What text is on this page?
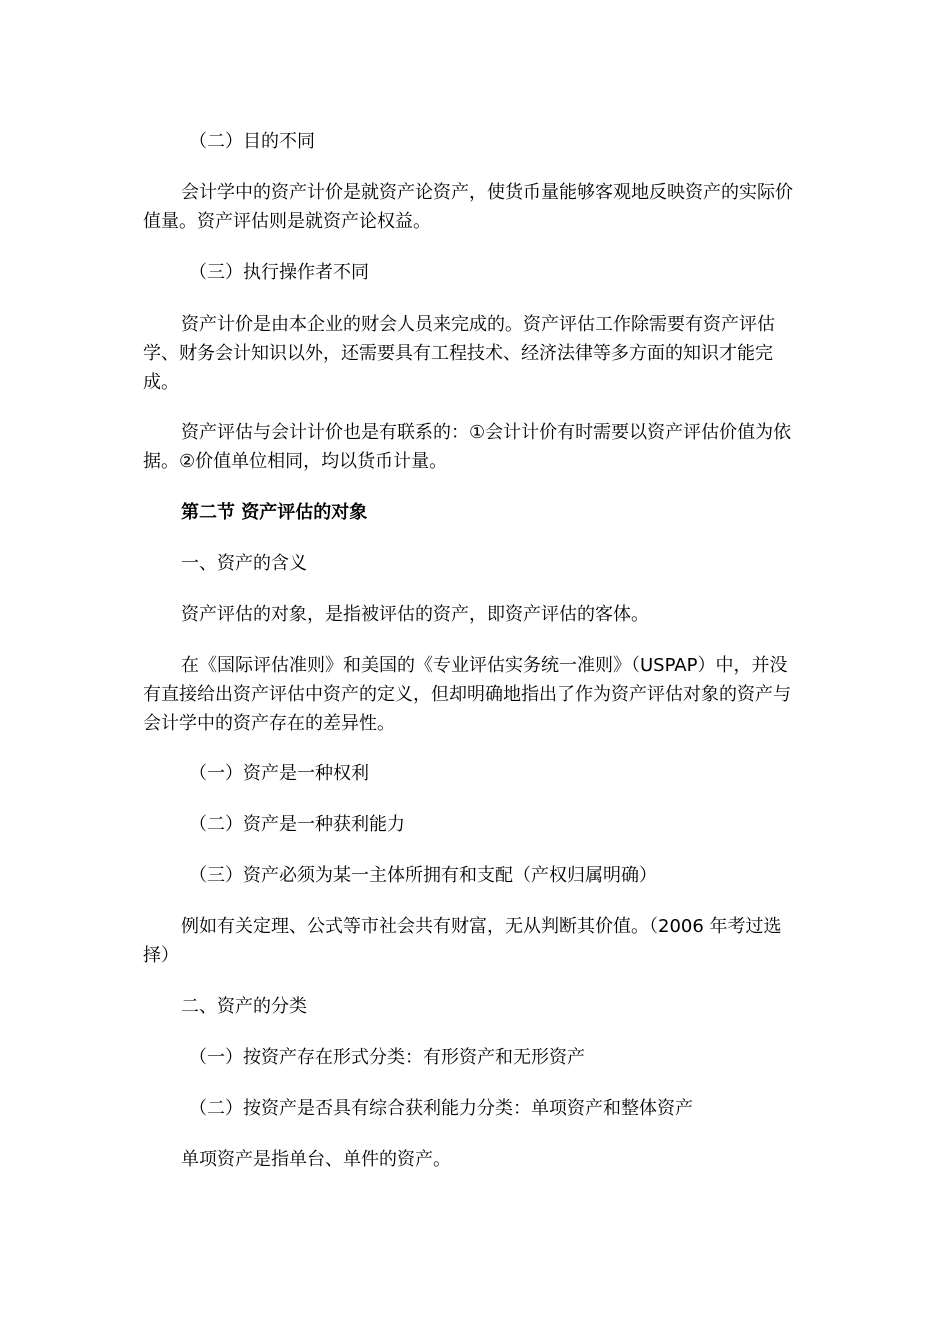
（二）目的不同

会计学中的资产计价是就资产论资产，使货币量能够客观地反映资产的实际价值量。资产评估则是就资产论权益。

（三）执行操作者不同

资产计价是由本企业的财会人员来完成的。资产评估工作除需要有资产评估学、财务会计知识以外，还需要具有工程技术、经济法律等多方面的知识才能完成。

资产评估与会计计价也是有联系的：①会计计价有时需要以资产评估价值为依据。②价值单位相同，均以货币计量。

第二节 资产评估的对象

一、资产的含义

资产评估的对象，是指被评估的资产，即资产评估的客体。

在《国际评估准则》和美国的《专业评估实务统一准则》（USPAP）中，并没有直接给出资产评估中资产的定义，但却明确地指出了作为资产评估对象的资产与会计学中的资产存在的差异性。

（一）资产是一种权利

（二）资产是一种获利能力

（三）资产必须为某一主体所拥有和支配（产权归属明确）

例如有关定理、公式等市社会共有财富，无从判断其价值。（2006 年考过选择）

二、资产的分类

（一）按资产存在形式分类：有形资产和无形资产

（二）按资产是否具有综合获利能力分类：单项资产和整体资产

单项资产是指单台、单件的资产。
